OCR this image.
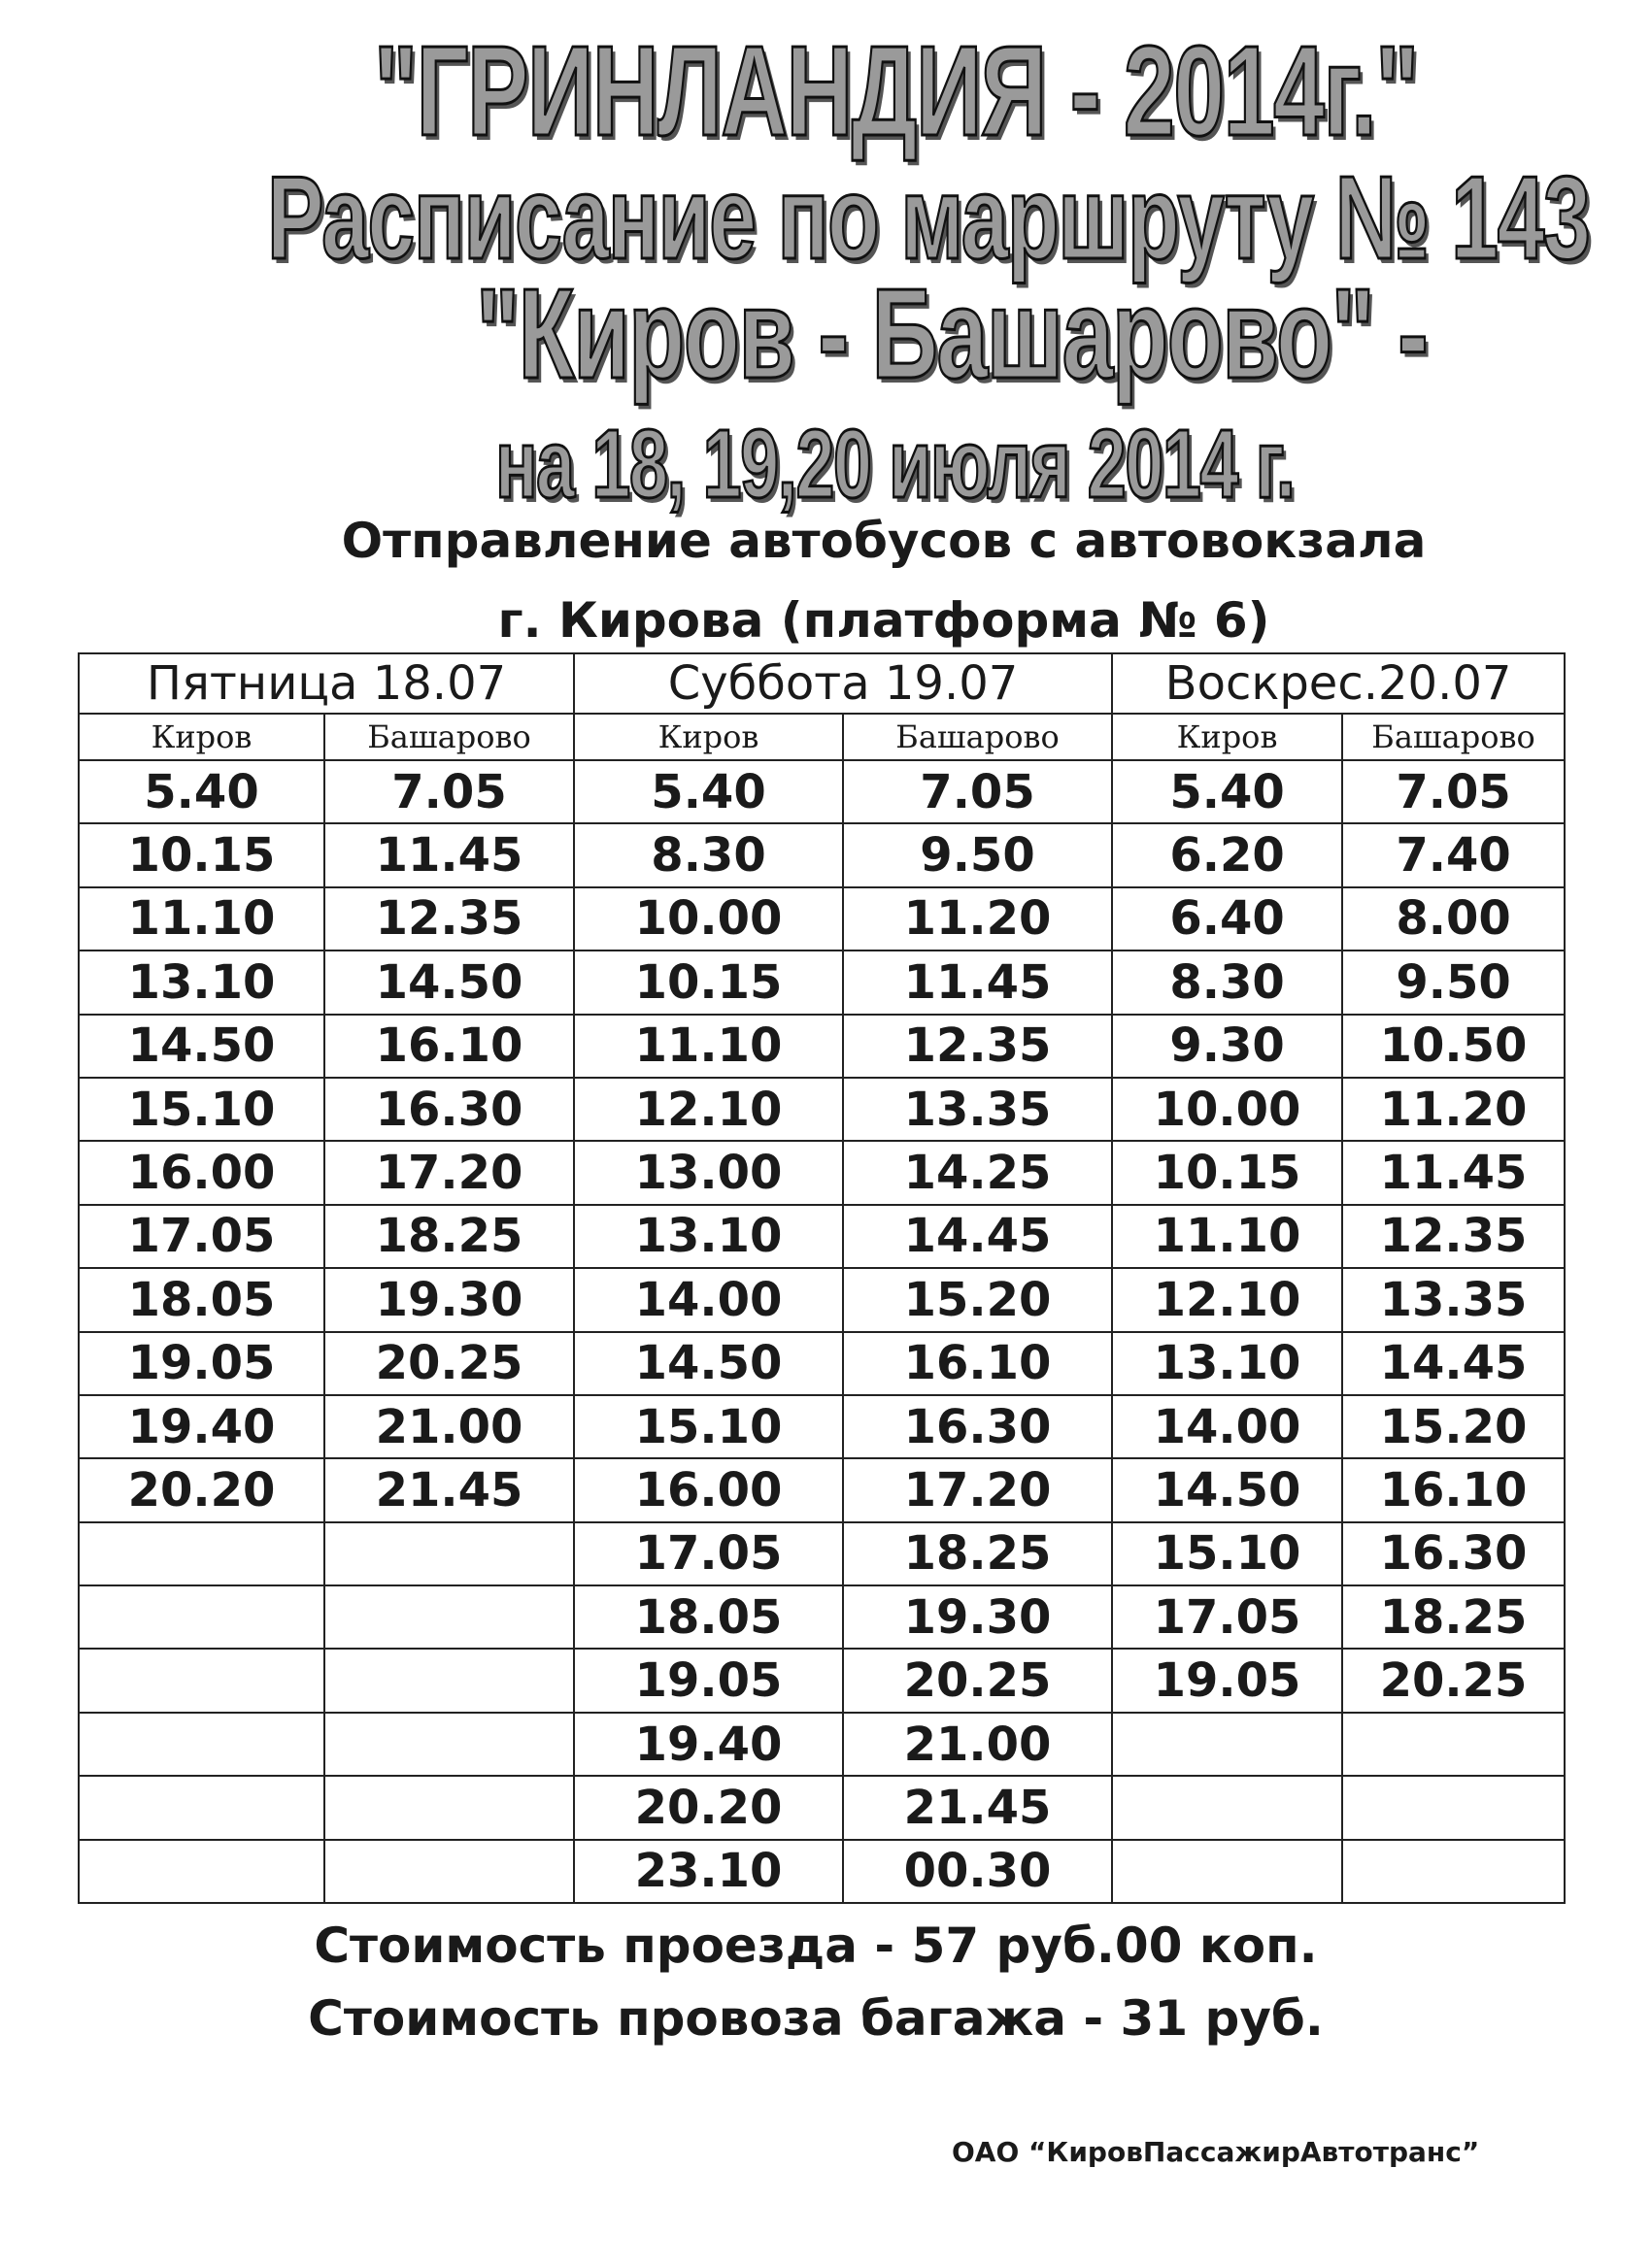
"ГРИНЛАНДИЯ - 2014г."
Расписание по маршруту № 143
"Киров - Башарово" -
на 18, 19,20 июля 2014 г.
Отправление автобусов с автовокзала
г. Кирова (платформа № 6)
Пятница 18.07		Суббота 19.07		Воскрес.20.07	
Киров	Башарово	Киров	Башарово	Киров	Башарово
5.40	7.05	5.40	7.05	5.40	7.05
10.15	11.45	8.30	9.50	6.20	7.40
11.10	12.35	10.00	11.20	6.40	8.00
13.10	14.50	10.15	11.45	8.30	9.50
14.50	16.10	11.10	12.35	9.30	10.50
15.10	16.30	12.10	13.35	10.00	11.20
16.00	17.20	13.00	14.25	10.15	11.45
17.05	18.25	13.10	14.45	11.10	12.35
18.05	19.30	14.00	15.20	12.10	13.35
19.05	20.25	14.50	16.10	13.10	14.45
19.40	21.00	15.10	16.30	14.00	15.20
20.20	21.45	16.00	17.20	14.50	16.10
		17.05	18.25	15.10	16.30
		18.05	19.30	17.05	18.25
		19.05	20.25	19.05	20.25
		19.40	21.00		
		20.20	21.45		
		23.10	00.30		
Стоимость проезда - 57 руб.00 коп.
Стоимость провоза багажа - 31 руб.
ОАО “КировПассажирАвтотранс”
